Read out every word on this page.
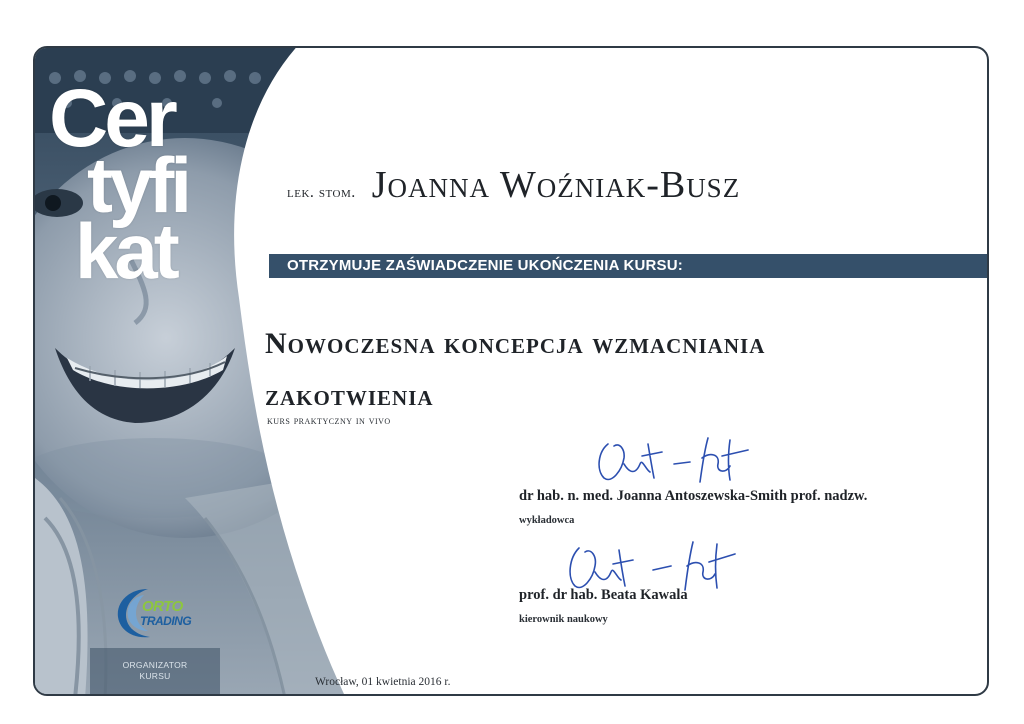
Cer
tyfi
kat
ORTO
TRADING
ORGANIZATOR
KURSU
lek. stom. Joanna Woźniak-Busz
OTRZYMUJE ZAŚWIADCZENIE UKOŃCZENIA KURSU:
Nowoczesna koncepcja wzmacniania
zakotwienia
kurs praktyczny in vivo
dr hab. n. med. Joanna Antoszewska-Smith prof. nadzw.
wykładowca
prof. dr hab. Beata Kawala
kierownik naukowy
Wrocław, 01 kwietnia 2016 r.
